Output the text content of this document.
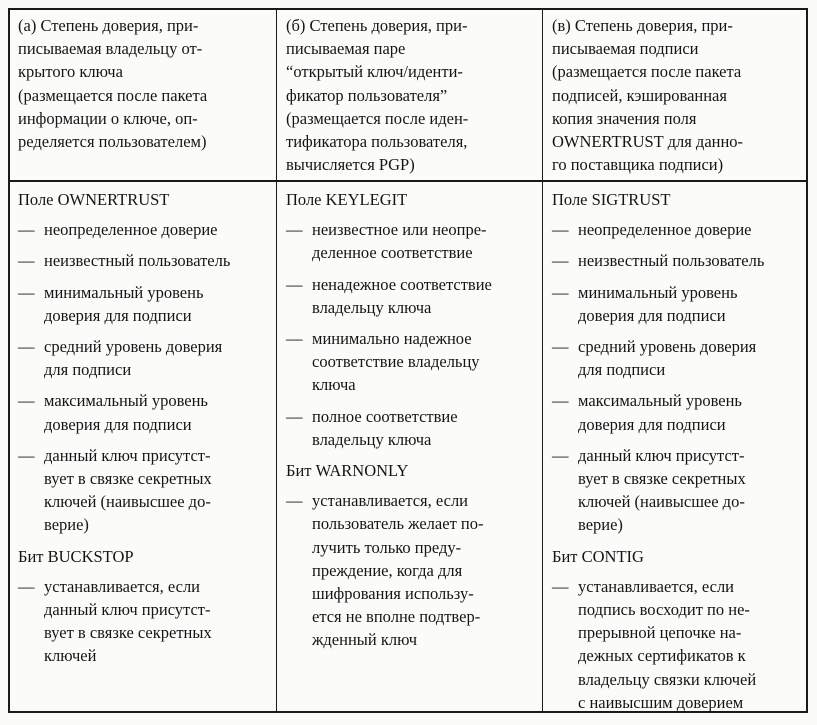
(а) Степень доверия, при-
писываемая владельцу от-
крытого ключа
(размещается после пакета
информации о ключе, оп-
ределяется пользователем)
(б) Степень доверия, при-
писываемая паре
“открытый ключ/иденти-
фикатор пользователя”
(размещается после иден-
тификатора пользователя,
вычисляется PGP)
(в) Степень доверия, при-
писываемая подписи
(размещается после пакета
подписей, кэшированная
копия значения поля
OWNERTRUST для данно-
го поставщика подписи)
Поле OWNERTRUST
— неопределенное доверие
— неизвестный пользователь
— минимальный уровень
доверия для подписи
— средний уровень доверия
для подписи
— максимальный уровень
доверия для подписи
— данный ключ присутст-
вует в связке секретных
ключей (наивысшее до-
верие)
Бит BUCKSTOP
— устанавливается, если
данный ключ присутст-
вует в связке секретных
ключей
Поле KEYLEGIT
— неизвестное или неопре-
деленное соответствие
— ненадежное соответствие
владельцу ключа
— минимально надежное
соответствие владельцу
ключа
— полное соответствие
владельцу ключа
Бит WARNONLY
— устанавливается, если
пользователь желает по-
лучить только преду-
преждение, когда для
шифрования использу-
ется не вполне подтвер-
жденный ключ
Поле SIGTRUST
— неопределенное доверие
— неизвестный пользователь
— минимальный уровень
доверия для подписи
— средний уровень доверия
для подписи
— максимальный уровень
доверия для подписи
— данный ключ присутст-
вует в связке секретных
ключей (наивысшее до-
верие)
Бит CONTIG
— устанавливается, если
подпись восходит по не-
прерывной цепочке на-
дежных сертификатов к
владельцу связки ключей
с наивысшим доверием
